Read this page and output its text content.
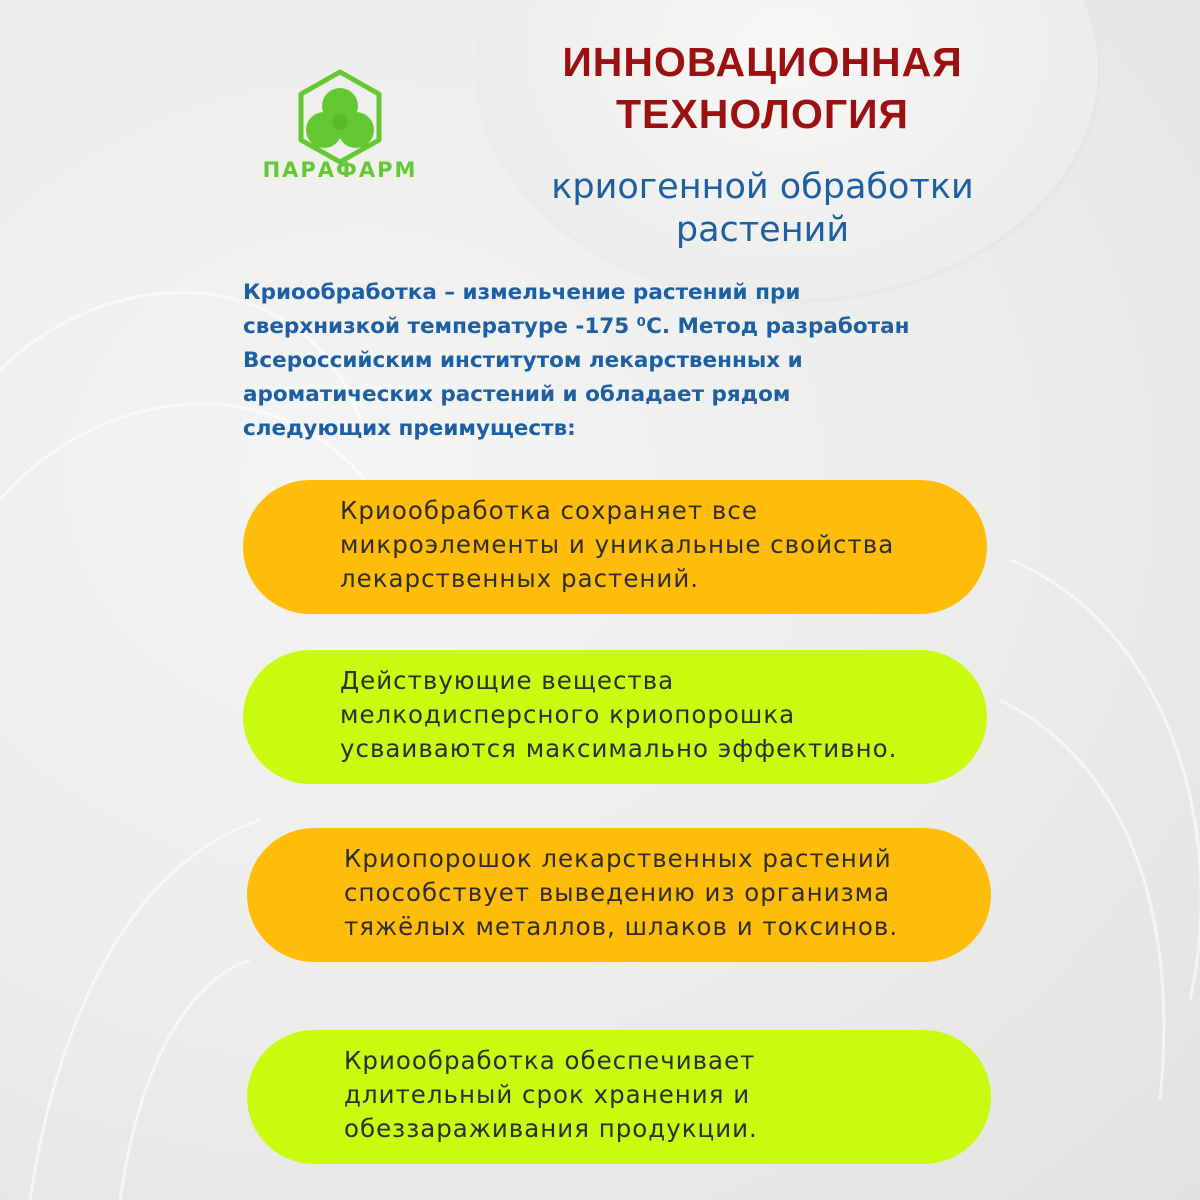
ПАРАФАРМ
ИННОВАЦИОННАЯ
ТЕХНОЛОГИЯ
криогенной обработки
растений
Криообработка – измельчение растений при
сверхнизкой температуре -175 ⁰С. Метод разработан
Всероссийским институтом лекарственных и
ароматических растений и обладает рядом
следующих преимуществ:
Криообработка сохраняет все
микроэлементы и уникальные свойства
лекарственных растений.
Действующие вещества
мелкодисперсного криопорошка
усваиваются максимально эффективно.
Криопорошок лекарственных растений
способствует выведению из организма
тяжёлых металлов, шлаков и токсинов.
Криообработка обеспечивает
длительный срок хранения и
обеззараживания продукции.
